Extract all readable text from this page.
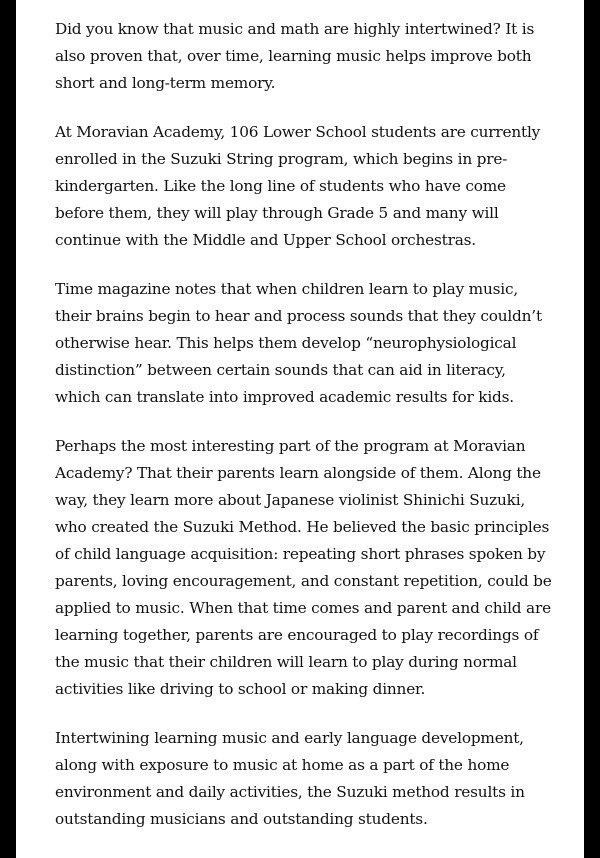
Did you know that music and math are highly intertwined? It is also proven that, over time, learning music helps improve both short and long-term memory.

At Moravian Academy, 106 Lower School students are currently enrolled in the Suzuki String program, which begins in pre-kindergarten. Like the long line of students who have come before them, they will play through Grade 5 and many will continue with the Middle and Upper School orchestras.

Time magazine notes that when children learn to play music, their brains begin to hear and process sounds that they couldn’t otherwise hear. This helps them develop “neurophysiological distinction” between certain sounds that can aid in literacy, which can translate into improved academic results for kids.

Perhaps the most interesting part of the program at Moravian Academy? That their parents learn alongside of them. Along the way, they learn more about Japanese violinist Shinichi Suzuki, who created the Suzuki Method. He believed the basic principles of child language acquisition: repeating short phrases spoken by parents, loving encouragement, and constant repetition, could be applied to music. When that time comes and parent and child are learning together, parents are encouraged to play recordings of the music that their children will learn to play during normal activities like driving to school or making dinner.

Intertwining learning music and early language development, along with exposure to music at home as a part of the home environment and daily activities, the Suzuki method results in outstanding musicians and outstanding students.
